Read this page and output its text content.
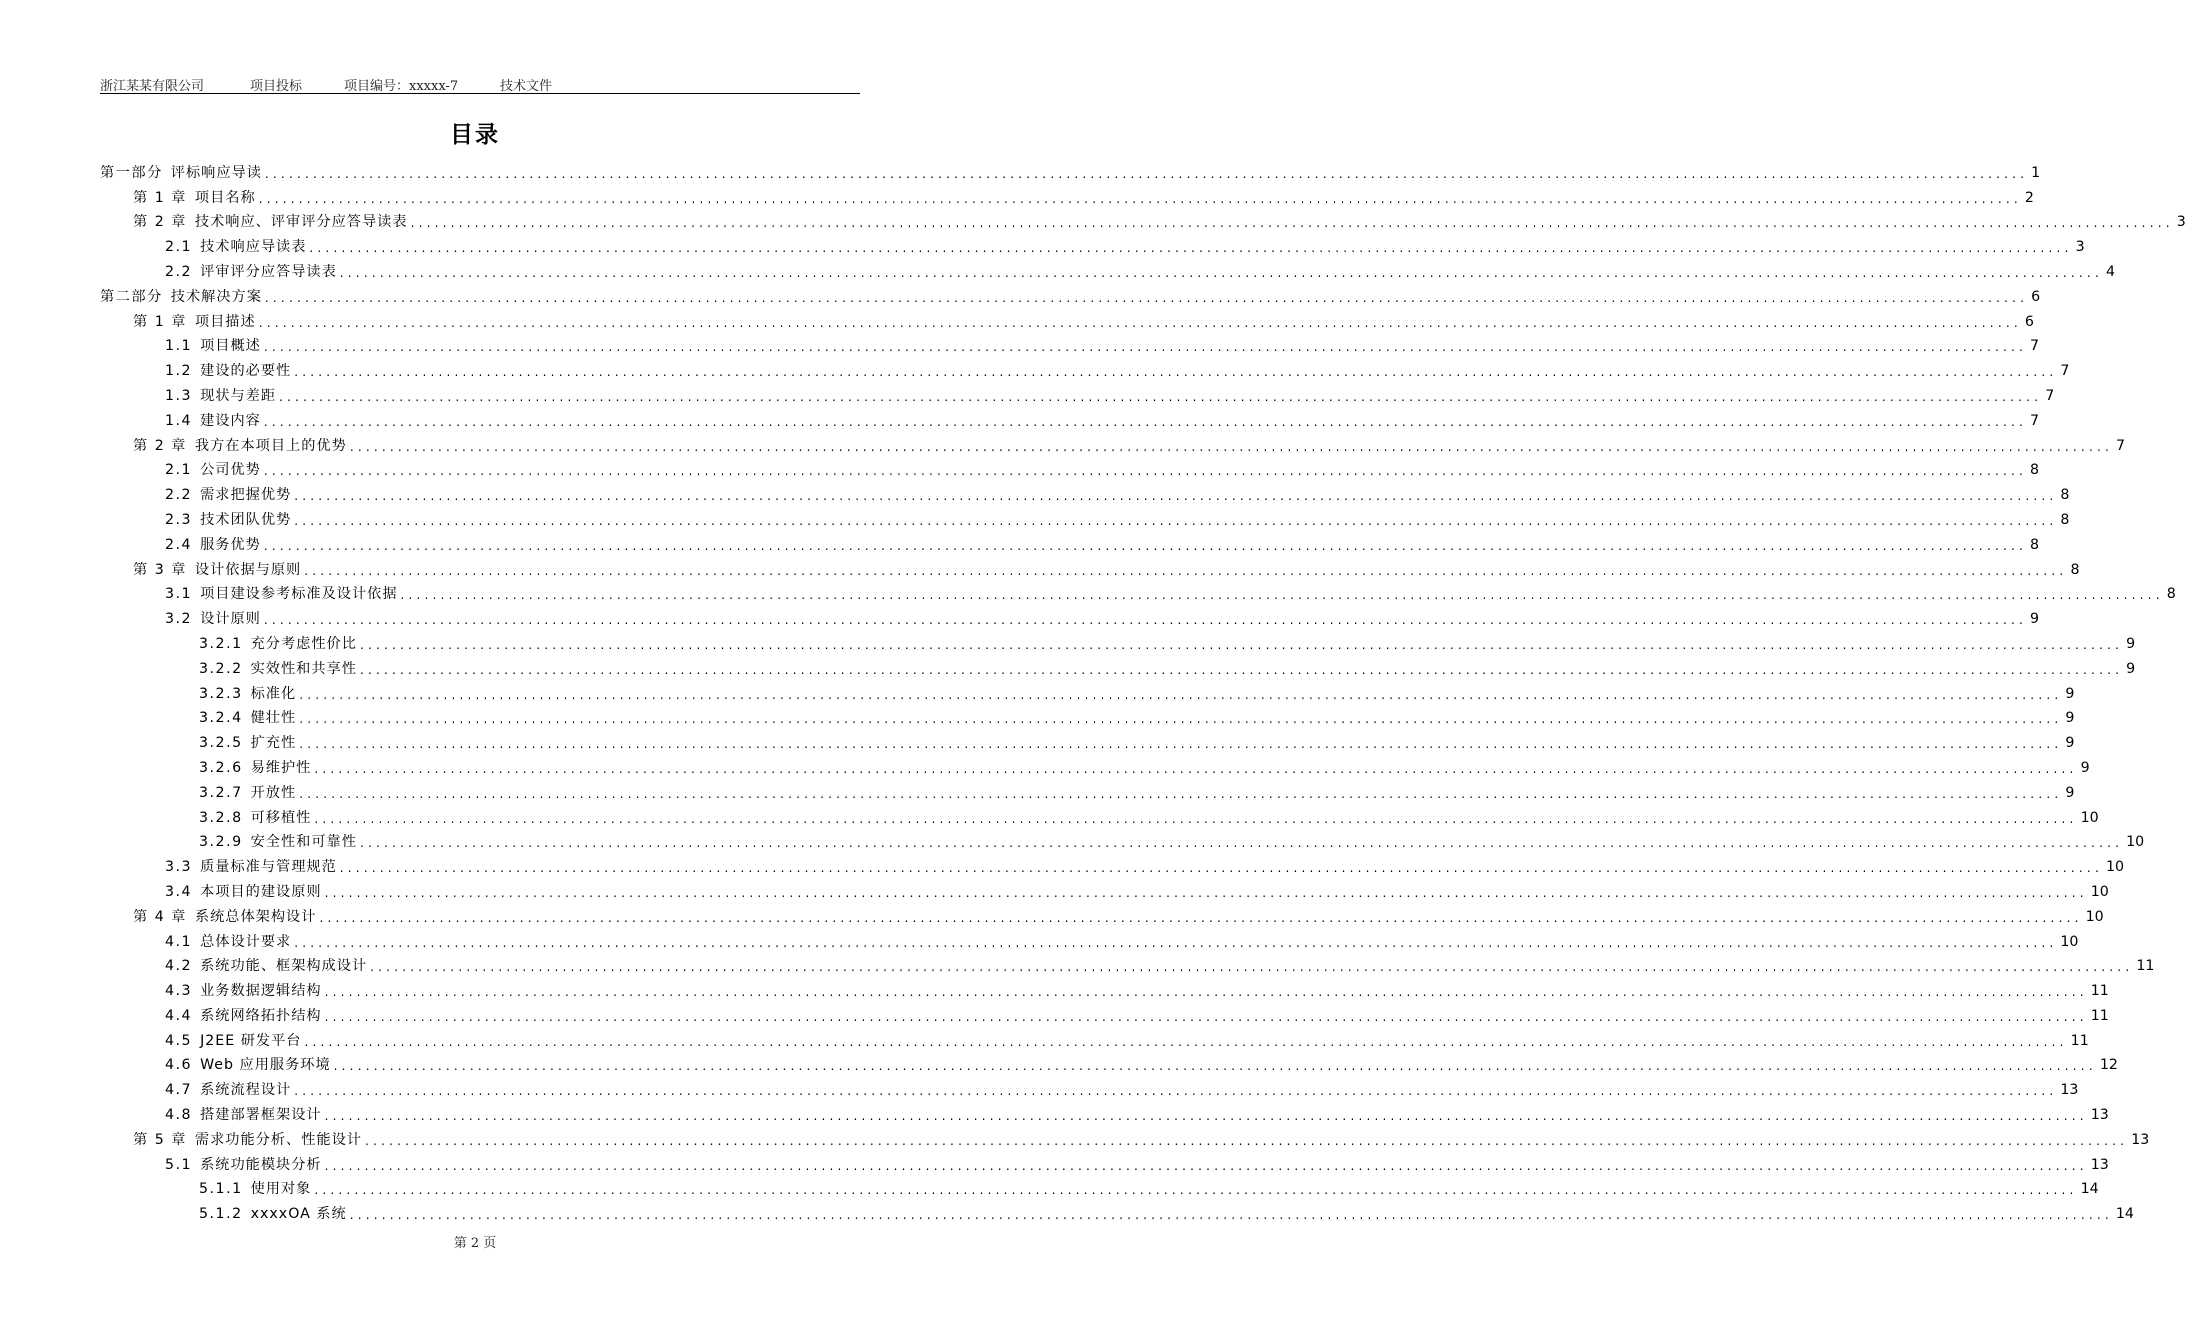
浙江某某有限公司	项目投标	项目编号：xxxxx-7	技术文件
目录
第一部分 评标响应导读 ............................................................................................................................................................................................................................ 1
第 1 章 项目名称 ............................................................................................................................................................................................................................ 2
第 2 章 技术响应、评审评分应答导读表 ............................................................................................................................................................................................................................ 3
2.1 技术响应导读表 ............................................................................................................................................................................................................................ 3
2.2 评审评分应答导读表 ............................................................................................................................................................................................................................ 4
第二部分 技术解决方案 ............................................................................................................................................................................................................................ 6
第 1 章 项目描述 ............................................................................................................................................................................................................................ 6
1.1 项目概述 ............................................................................................................................................................................................................................ 7
1.2 建设的必要性 ............................................................................................................................................................................................................................ 7
1.3 现状与差距 ............................................................................................................................................................................................................................ 7
1.4 建设内容 ............................................................................................................................................................................................................................ 7
第 2 章 我方在本项目上的优势 ............................................................................................................................................................................................................................ 7
2.1 公司优势 ............................................................................................................................................................................................................................ 8
2.2 需求把握优势 ............................................................................................................................................................................................................................ 8
2.3 技术团队优势 ............................................................................................................................................................................................................................ 8
2.4 服务优势 ............................................................................................................................................................................................................................ 8
第 3 章 设计依据与原则 ............................................................................................................................................................................................................................ 8
3.1 项目建设参考标准及设计依据 ............................................................................................................................................................................................................................ 8
3.2 设计原则 ............................................................................................................................................................................................................................ 9
3.2.1 充分考虑性价比 ............................................................................................................................................................................................................................ 9
3.2.2 实效性和共享性 ............................................................................................................................................................................................................................ 9
3.2.3 标准化 ............................................................................................................................................................................................................................ 9
3.2.4 健壮性 ............................................................................................................................................................................................................................ 9
3.2.5 扩充性 ............................................................................................................................................................................................................................ 9
3.2.6 易维护性 ............................................................................................................................................................................................................................ 9
3.2.7 开放性 ............................................................................................................................................................................................................................ 9
3.2.8 可移植性 ............................................................................................................................................................................................................................ 10
3.2.9 安全性和可靠性 ............................................................................................................................................................................................................................ 10
3.3 质量标准与管理规范 ............................................................................................................................................................................................................................ 10
3.4 本项目的建设原则 ............................................................................................................................................................................................................................ 10
第 4 章 系统总体架构设计 ............................................................................................................................................................................................................................ 10
4.1 总体设计要求 ............................................................................................................................................................................................................................ 10
4.2 系统功能、框架构成设计 ............................................................................................................................................................................................................................ 11
4.3 业务数据逻辑结构 ............................................................................................................................................................................................................................ 11
4.4 系统网络拓扑结构 ............................................................................................................................................................................................................................ 11
4.5 J2EE 研发平台 ............................................................................................................................................................................................................................ 11
4.6 Web 应用服务环境 ............................................................................................................................................................................................................................ 12
4.7 系统流程设计 ............................................................................................................................................................................................................................ 13
4.8 搭建部署框架设计 ............................................................................................................................................................................................................................ 13
第 5 章 需求功能分析、性能设计 ............................................................................................................................................................................................................................ 13
5.1 系统功能模块分析 ............................................................................................................................................................................................................................ 13
5.1.1 使用对象 ............................................................................................................................................................................................................................ 14
5.1.2 xxxxOA 系统 ............................................................................................................................................................................................................................ 14
第 2 页
